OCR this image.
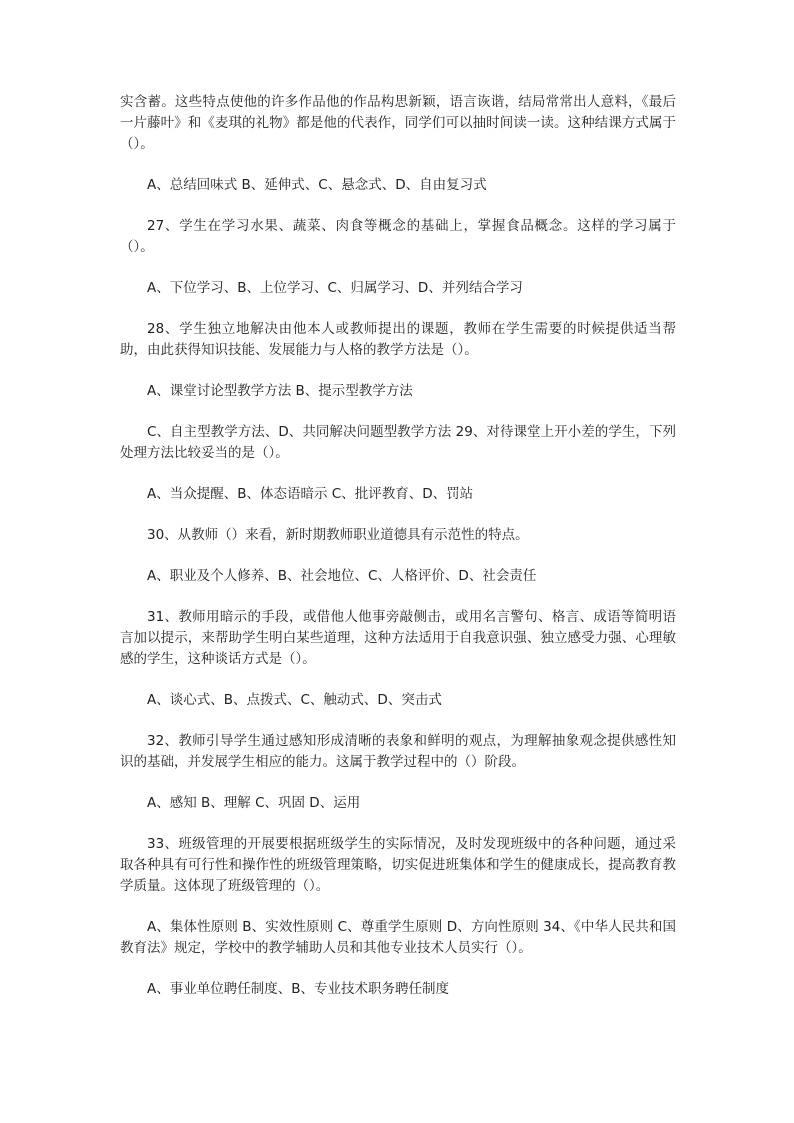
实含蓄。这些特点使他的许多作品他的作品构思新颖，语言诙谐，结局常常出人意料，《最后一片藤叶》和《麦琪的礼物》都是他的代表作，同学们可以抽时间读一读。这种结课方式属于（）。

A、总结回味式 B、延伸式、C、悬念式、D、自由复习式

27、学生在学习水果、蔬菜、肉食等概念的基础上，掌握食品概念。这样的学习属于（）。

A、下位学习、B、上位学习、C、归属学习、D、并列结合学习

28、学生独立地解决由他本人或教师提出的课题，教师在学生需要的时候提供适当帮助，由此获得知识技能、发展能力与人格的教学方法是（）。

A、课堂讨论型教学方法 B、提示型教学方法

C、自主型教学方法、D、共同解决问题型教学方法 29、对待课堂上开小差的学生，下列处理方法比较妥当的是（）。

A、当众提醒、B、体态语暗示 C、批评教育、D、罚站

30、从教师（）来看，新时期教师职业道德具有示范性的特点。

A、职业及个人修养、B、社会地位、C、人格评价、D、社会责任

31、教师用暗示的手段，或借他人他事旁敲侧击，或用名言警句、格言、成语等简明语言加以提示，来帮助学生明白某些道理，这种方法适用于自我意识强、独立感受力强、心理敏感的学生，这种谈话方式是（）。

A、谈心式、B、点拨式、C、触动式、D、突击式

32、教师引导学生通过感知形成清晰的表象和鲜明的观点，为理解抽象观念提供感性知识的基础，并发展学生相应的能力。这属于教学过程中的（）阶段。

A、感知 B、理解 C、巩固 D、运用

33、班级管理的开展要根据班级学生的实际情况，及时发现班级中的各种问题，通过采取各种具有可行性和操作性的班级管理策略，切实促进班集体和学生的健康成长，提高教育教学质量。这体现了班级管理的（）。

A、集体性原则 B、实效性原则 C、尊重学生原则 D、方向性原则 34、《中华人民共和国教育法》规定，学校中的教学辅助人员和其他专业技术人员实行（）。

A、事业单位聘任制度、B、专业技术职务聘任制度
